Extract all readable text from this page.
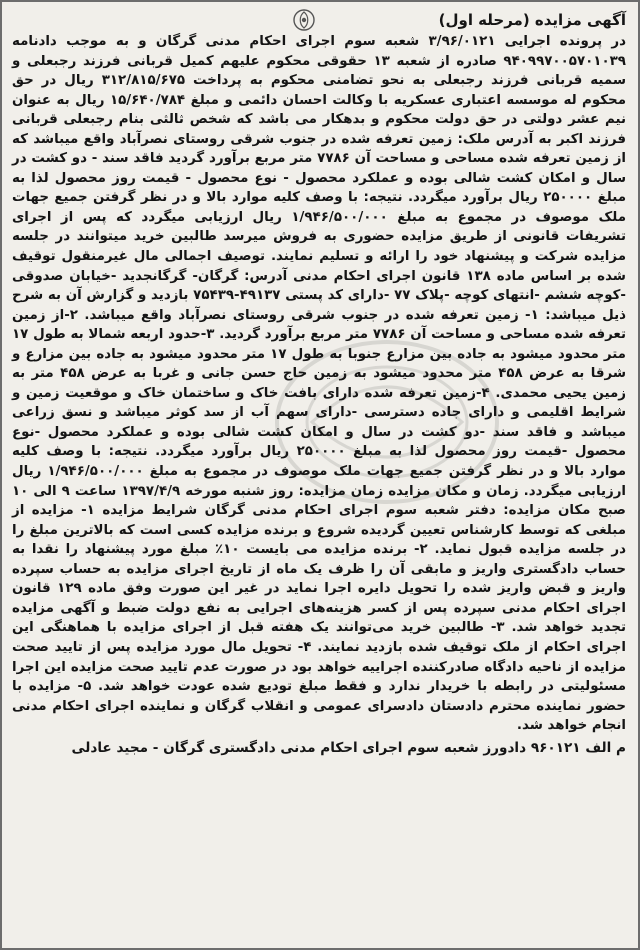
آگهی مزایده (مرحله اول)

در پرونده اجرایی ۳/۹۶/۰۱۲۱ شعبه سوم اجرای احکام مدنی گرگان و به موجب دادنامه ۹۴۰۹۹۷۰۰۵۷۰۱۰۳۹ صادره از شعبه ۱۳ حقوقی محکوم علیهم کمیل قربانی فرزند رجبعلی و سمیه قربانی فرزند رجبعلی به نحو تضامنی محکوم به پرداخت ۳۱۲/۸۱۵/۶۷۵ ریال در حق محکوم له موسسه اعتباری عسکریه با وکالت احسان دائمی و مبلغ ۱۵/۶۴۰/۷۸۴ ریال به عنوان نیم عشر دولتی در حق دولت محکوم و بدهکار می باشد که شخص ثالثی بنام رجبعلی قربانی فرزند اکبر به آدرس ملک: زمین تعرفه شده در جنوب شرقی روستای نصرآباد واقع میباشد که از زمین تعرفه شده مساحی و مساحت آن ۷۷۸۶ متر مربع برآورد گردید فاقد سند - دو کشت در سال و امکان کشت شالی بوده و عملکرد محصول - نوع محصول - قیمت روز محصول لذا به مبلغ ۲۵۰۰۰۰ ریال برآورد میگردد. نتیجه: با وصف کلیه موارد بالا و در نظر گرفتن جمیع جهات ملک موصوف در مجموع به مبلغ ۱/۹۴۶/۵۰۰/۰۰۰ ریال ارزیابی میگردد که پس از اجرای تشریفات قانونی از طریق مزایده حضوری به فروش میرسد طالبین خرید میتوانند در جلسه مزایده شرکت و پیشنهاد خود را ارائه و تسلیم نمایند. توصیف اجمالی مال غیرمنقول توقیف شده بر اساس ماده ۱۳۸ قانون اجرای احکام مدنی آدرس: گرگان- گرگانجدید -خیابان صدوقی -کوچه ششم -انتهای کوچه -پلاک ۷۷ -دارای کد پستی ۴۹۱۳۷-۷۵۴۳۹ بازدید و گزارش آن به شرح ذیل میباشد: ۱- زمین تعرفه شده در جنوب شرقی روستای نصرآباد واقع میباشد. ۲-از زمین تعرفه شده مساحی و مساحت آن ۷۷۸۶ متر مربع برآورد گردید. ۳-حدود اربعه شمالا به طول ۱۷ متر محدود میشود به جاده بین مزارع جنوبا به طول ۱۷ متر محدود میشود به جاده بین مزارع و شرقا به عرض ۴۵۸ متر محدود میشود به زمین حاج حسن جانی و غربا به عرض ۴۵۸ متر به زمین یحیی محمدی. ۴-زمین تعرفه شده دارای بافت خاک و ساختمان خاک و موقعیت زمین و شرایط اقلیمی و دارای جاده دسترسی -دارای سهم آب از سد کوثر میباشد و نسق زراعی میباشد و فاقد سند -دو کشت در سال و امکان کشت شالی بوده و عملکرد محصول -نوع محصول -قیمت روز محصول لذا به مبلغ ۲۵۰۰۰۰ ریال برآورد میگردد. نتیجه: با وصف کلیه موارد بالا و در نظر گرفتن جمیع جهات ملک موصوف در مجموع به مبلغ ۱/۹۴۶/۵۰۰/۰۰۰ ریال ارزیابی میگردد. زمان و مکان مزایده زمان مزایده: روز شنبه مورخه ۱۳۹۷/۴/۹ ساعت ۹ الی ۱۰ صبح مکان مزایده: دفتر شعبه سوم اجرای احکام مدنی گرگان شرایط مزایده ۱- مزایده از مبلغی که توسط کارشناس تعیین گردیده شروع و برنده مزایده کسی است که بالاترین مبلغ را در جلسه مزایده قبول نماید. ۲- برنده مزایده می بایست ۱۰٪ مبلغ مورد پیشنهاد را نقدا به حساب دادگستری واریز و مابقی آن را ظرف یک ماه از تاریخ اجرای مزایده به حساب سپرده واریز و قبض واریز شده را تحویل دایره اجرا نماید در غیر این صورت وفق ماده ۱۲۹ قانون اجرای احکام مدنی سپرده پس از کسر هزینه‌های اجرایی به نفع دولت ضبط و آگهی مزایده تجدید خواهد شد. ۳- طالبین خرید می‌توانند یک هفته قبل از اجرای مزایده با هماهنگی این اجرای احکام از ملک توقیف شده بازدید نمایند. ۴- تحویل مال مورد مزایده پس از تایید صحت مزایده از ناحیه دادگاه صادرکننده اجراییه خواهد بود در صورت عدم تایید صحت مزایده این اجرا مسئولیتی در رابطه با خریدار ندارد و فقط مبلغ تودیع شده عودت خواهد شد. ۵- مزایده با حضور نماینده محترم دادستان دادسرای عمومی و انقلاب گرگان و نماینده اجرای احکام مدنی انجام خواهد شد.

م الف ۹۶۰۱۲۱ دادورز شعبه سوم اجرای احکام مدنی دادگستری گرگان - مجید عادلی
